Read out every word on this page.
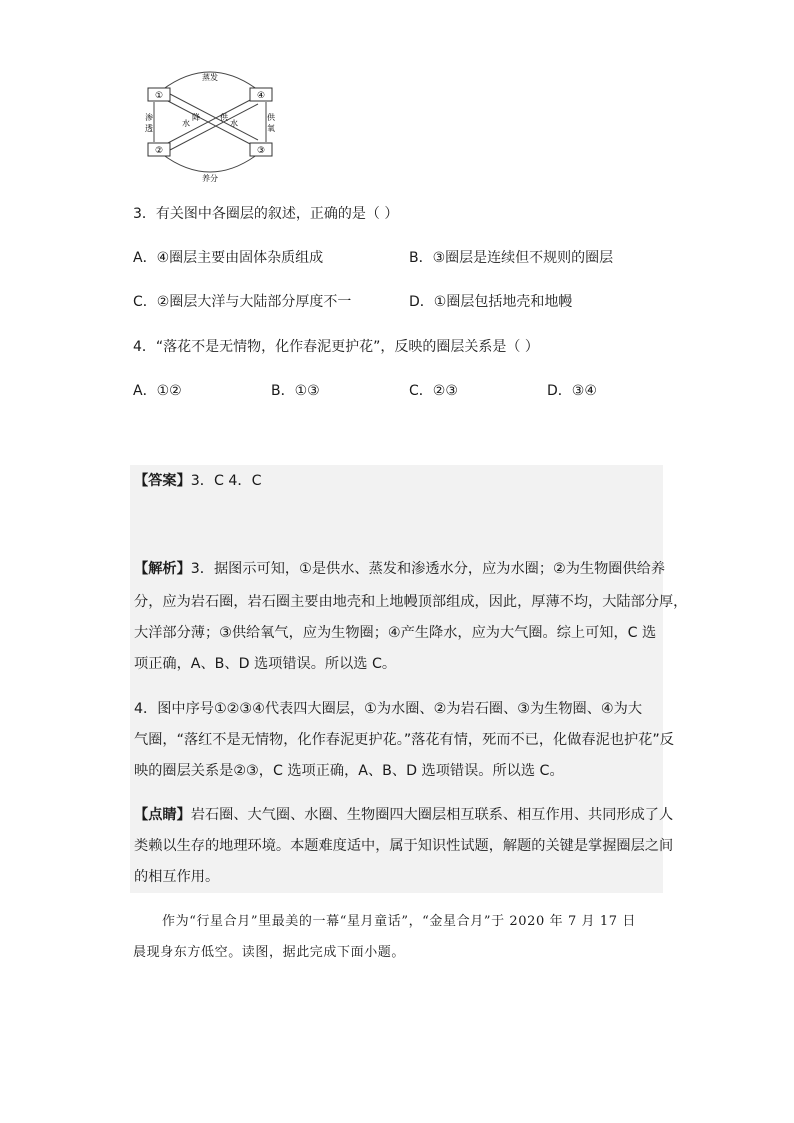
①	④
②	③
蒸发
养分
渗
透
供
氧
水
降	供
水
3．有关图中各圈层的叙述，正确的是（ ）
A．④圈层主要由固体杂质组成	B．③圈层是连续但不规则的圈层
C．②圈层大洋与大陆部分厚度不一	D．①圈层包括地壳和地幔
4．“落花不是无情物，化作春泥更护花”，反映的圈层关系是（ ）
A．①②	B．①③	C．②③	D．③④
【答案】3．C 4．C
【解析】3．据图示可知，①是供水、蒸发和渗透水分，应为水圈；②为生物圈供给养
分，应为岩石圈，岩石圈主要由地壳和上地幔顶部组成，因此，厚薄不均，大陆部分厚，
大洋部分薄；③供给氧气，应为生物圈；④产生降水，应为大气圈。综上可知，C 选
项正确，A、B、D 选项错误。所以选 C。
4．图中序号①②③④代表四大圈层，①为水圈、②为岩石圈、③为生物圈、④为大
气圈，“落红不是无情物，化作春泥更护花。”落花有情，死而不已，化做春泥也护花”反
映的圈层关系是②③，C 选项正确，A、B、D 选项错误。所以选 C。
【点睛】岩石圈、大气圈、水圈、生物圈四大圈层相互联系、相互作用、共同形成了人
类赖以生存的地理环境。本题难度适中，属于知识性试题，解题的关键是掌握圈层之间
的相互作用。
作为“行星合月”里最美的一幕“星月童话”，“金星合月”于 2020 年 7 月 17 日
晨现身东方低空。读图，据此完成下面小题。
